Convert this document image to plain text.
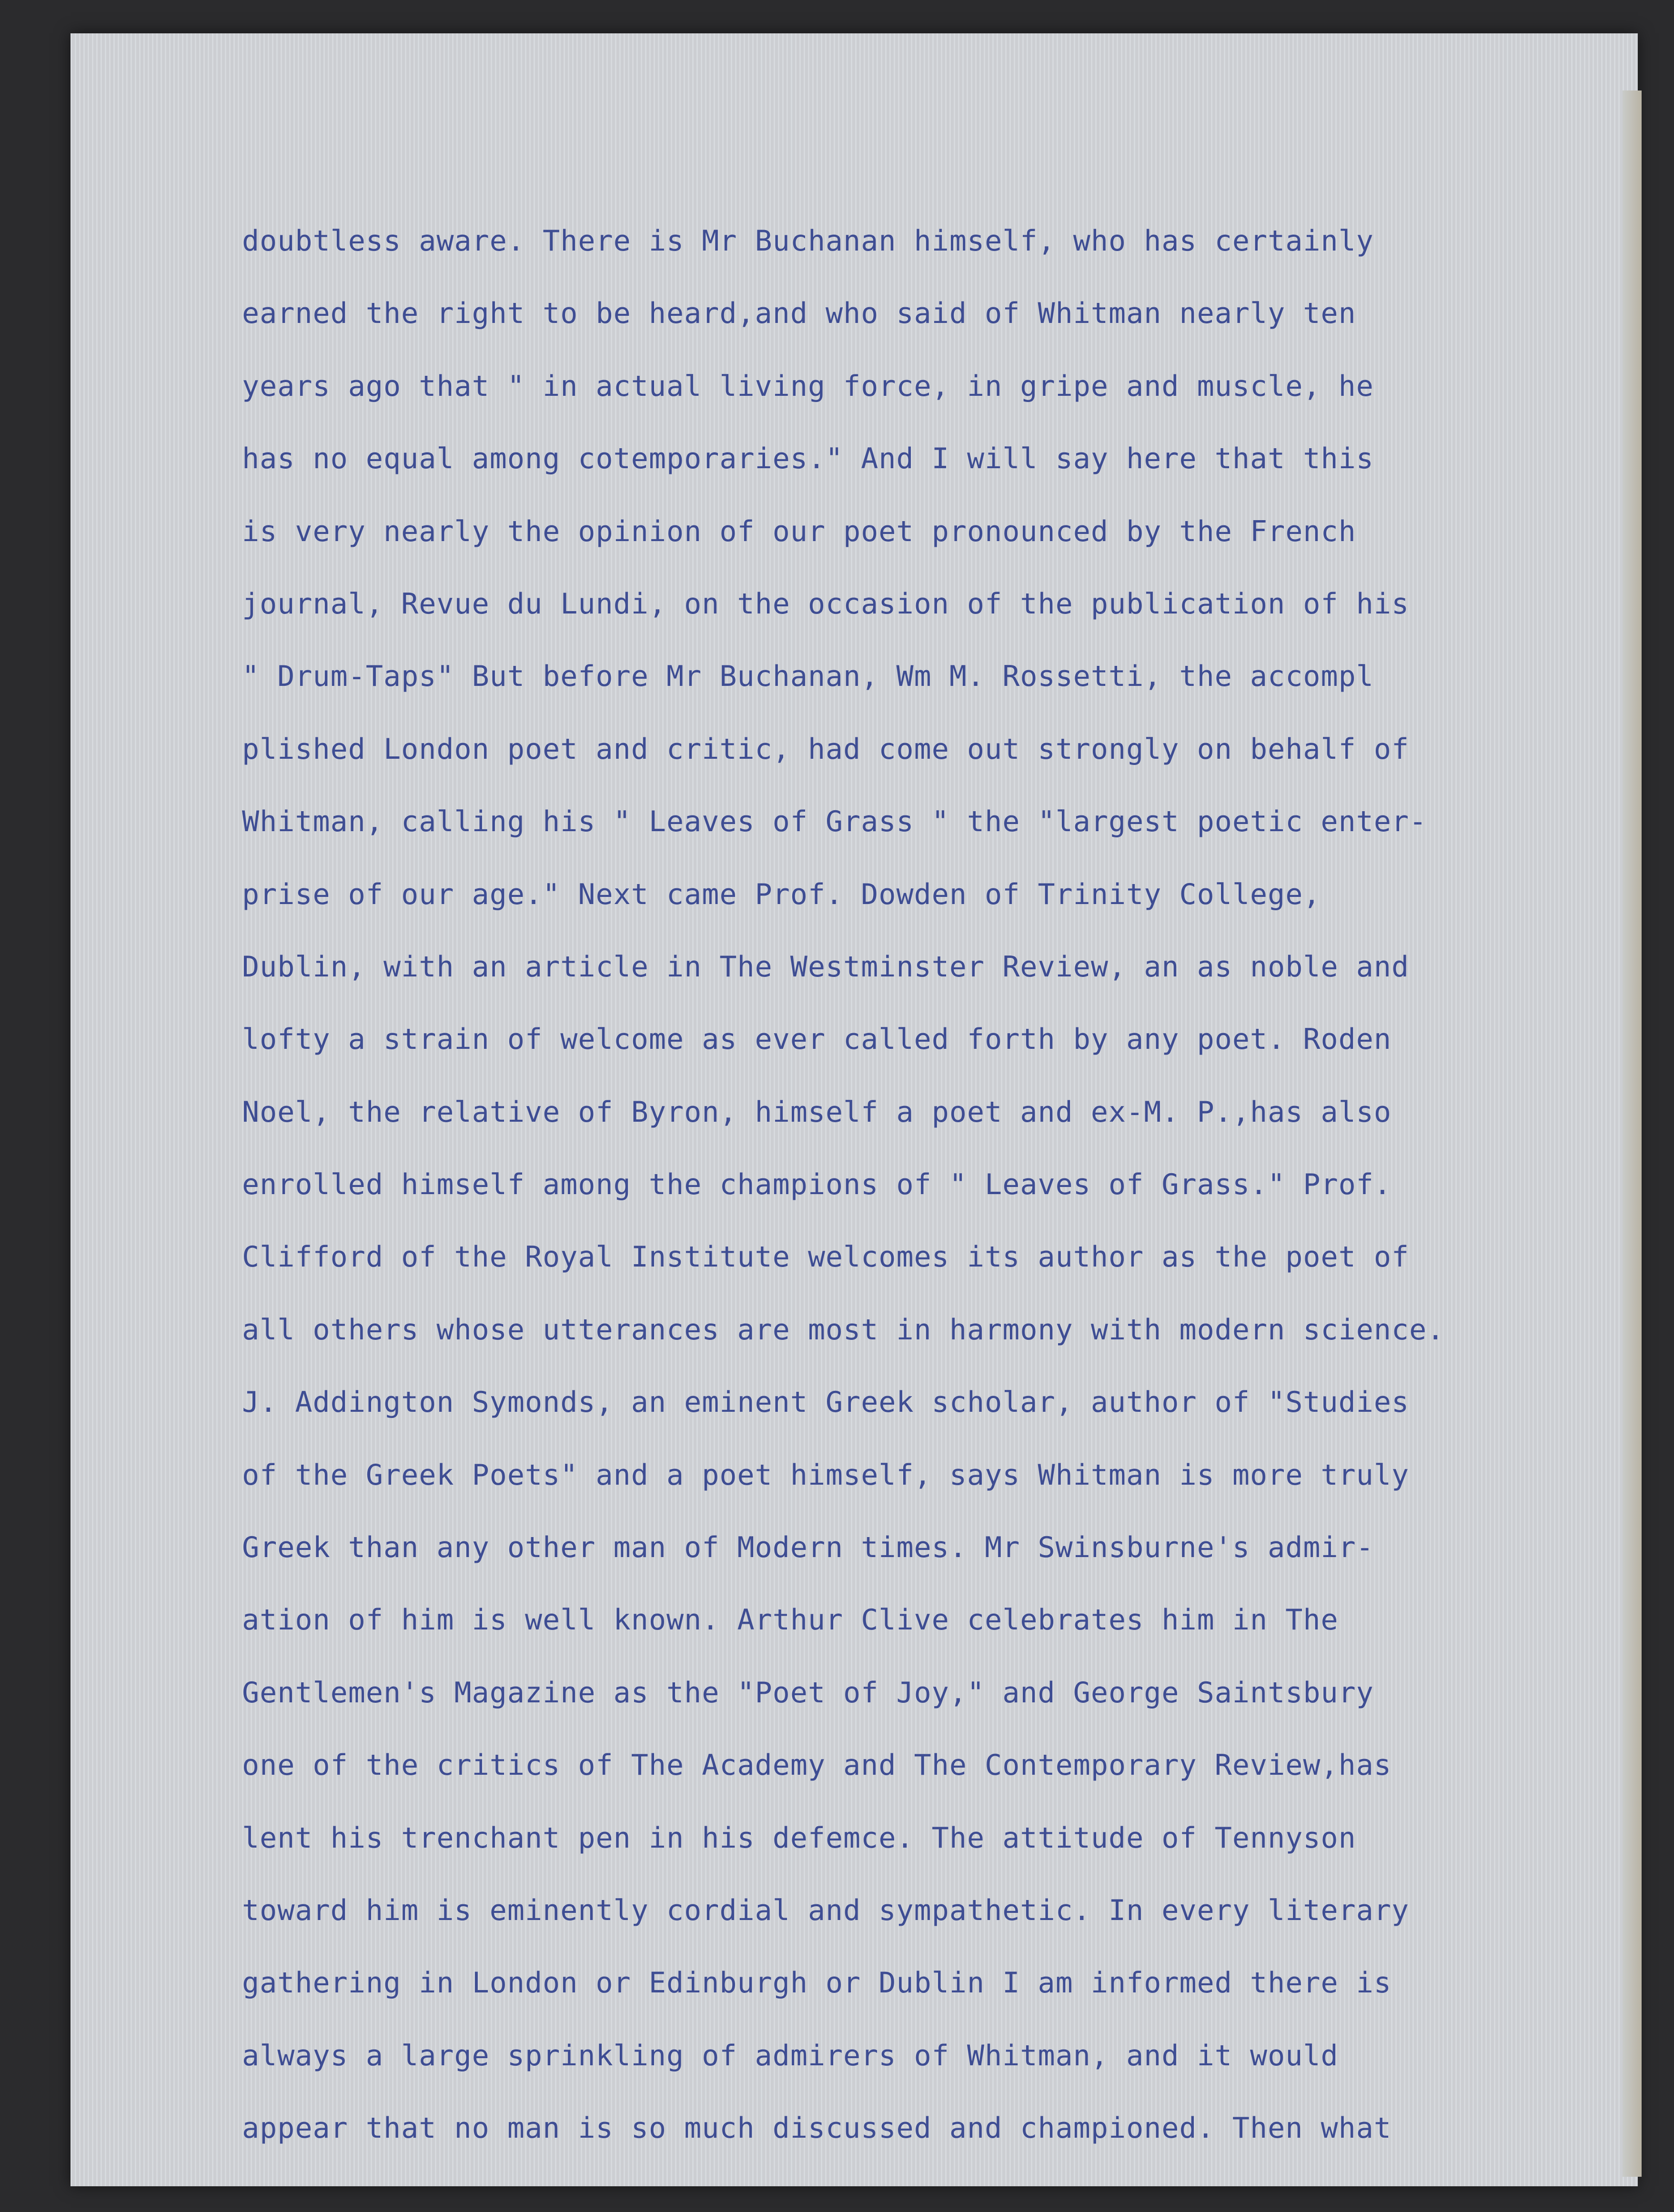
doubtless aware. There is Mr Buchanan himself, who has certainly
earned the right to be heard,and who said of Whitman nearly ten
years ago that " in actual living force, in gripe and muscle, he
has no equal among cotemporaries." And I will say here that this
is very nearly the opinion of our poet pronounced by the French
journal, Revue du Lundi, on the occasion of the publication of his
" Drum-Taps" But before Mr Buchanan, Wm M. Rossetti, the accompl
plished London poet and critic, had come out strongly on behalf of
Whitman, calling his " Leaves of Grass " the "largest poetic enter-
prise of our age." Next came Prof. Dowden of Trinity College,
Dublin, with an article in The Westminster Review, an as noble and
lofty a strain of welcome as ever called forth by any poet. Roden
Noel, the relative of Byron, himself a poet and ex-M. P.,has also
enrolled himself among the champions of " Leaves of Grass." Prof.
Clifford of the Royal Institute welcomes its author as the poet of
all others whose utterances are most in harmony with modern science.
J. Addington Symonds, an eminent Greek scholar, author of "Studies
of the Greek Poets" and a poet himself, says Whitman is more truly
Greek than any other man of Modern times. Mr Swinsburne's admir-
ation of him is well known. Arthur Clive celebrates him in The
Gentlemen's Magazine as the "Poet of Joy," and George Saintsbury
one of the critics of The Academy and The Contemporary Review,has
lent his trenchant pen in his defemce. The attitude of Tennyson
toward him is eminently cordial and sympathetic. In every literary
gathering in London or Edinburgh or Dublin I am informed there is
always a large sprinkling of admirers of Whitman, and it would
appear that no man is so much discussed and championed. Then what
